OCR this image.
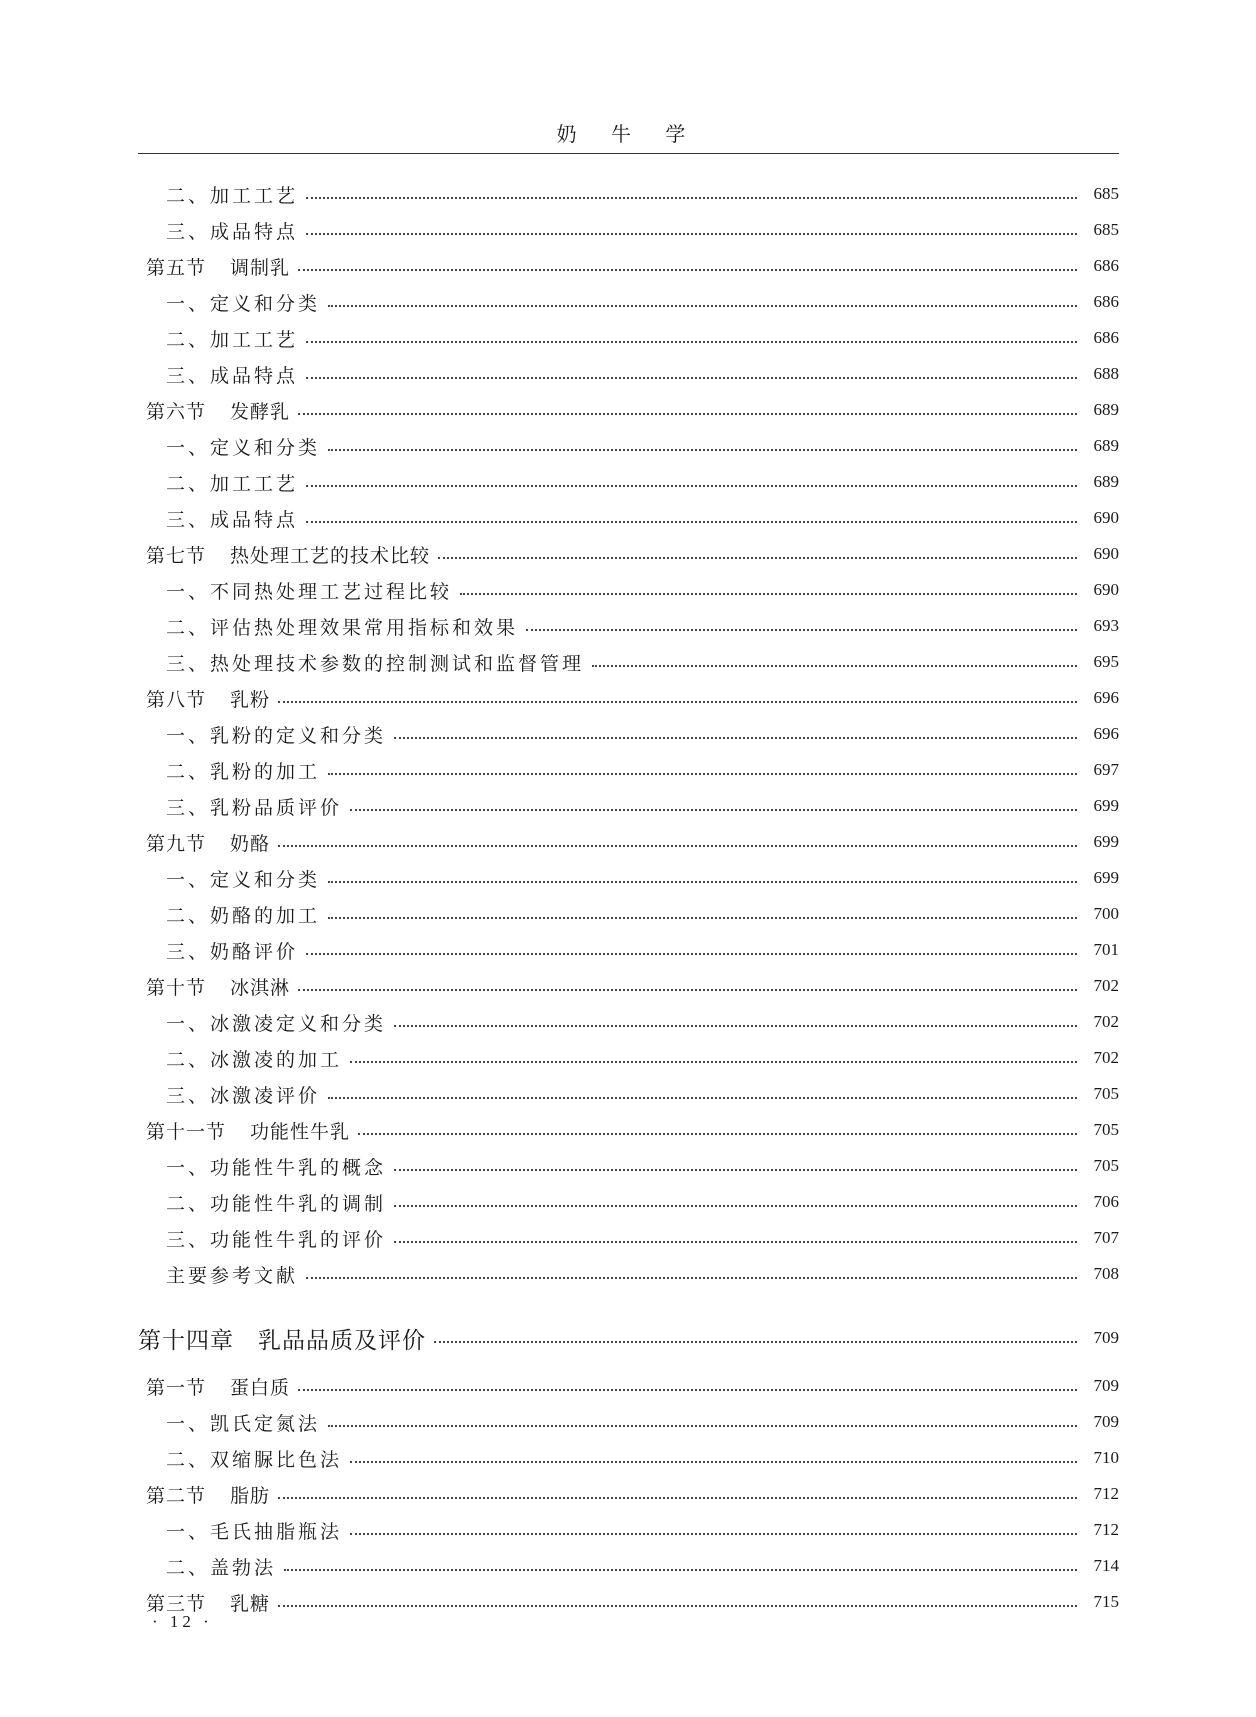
奶 牛 学
二、加工工艺	685
三、成品特点	685
第五节 调制乳	686
一、定义和分类	686
二、加工工艺	686
三、成品特点	688
第六节 发酵乳	689
一、定义和分类	689
二、加工工艺	689
三、成品特点	690
第七节 热处理工艺的技术比较	690
一、不同热处理工艺过程比较	690
二、评估热处理效果常用指标和效果	693
三、热处理技术参数的控制测试和监督管理	695
第八节 乳粉	696
一、乳粉的定义和分类	696
二、乳粉的加工	697
三、乳粉品质评价	699
第九节 奶酪	699
一、定义和分类	699
二、奶酪的加工	700
三、奶酪评价	701
第十节 冰淇淋	702
一、冰激凌定义和分类	702
二、冰激凌的加工	702
三、冰激凌评价	705
第十一节 功能性牛乳	705
一、功能性牛乳的概念	705
二、功能性牛乳的调制	706
三、功能性牛乳的评价	707
主要参考文献	708
第十四章 乳品品质及评价	709
第一节 蛋白质	709
一、凯氏定氮法	709
二、双缩脲比色法	710
第二节 脂肪	712
一、毛氏抽脂瓶法	712
二、盖勃法	714
第三节 乳糖	715
· 12 ·
